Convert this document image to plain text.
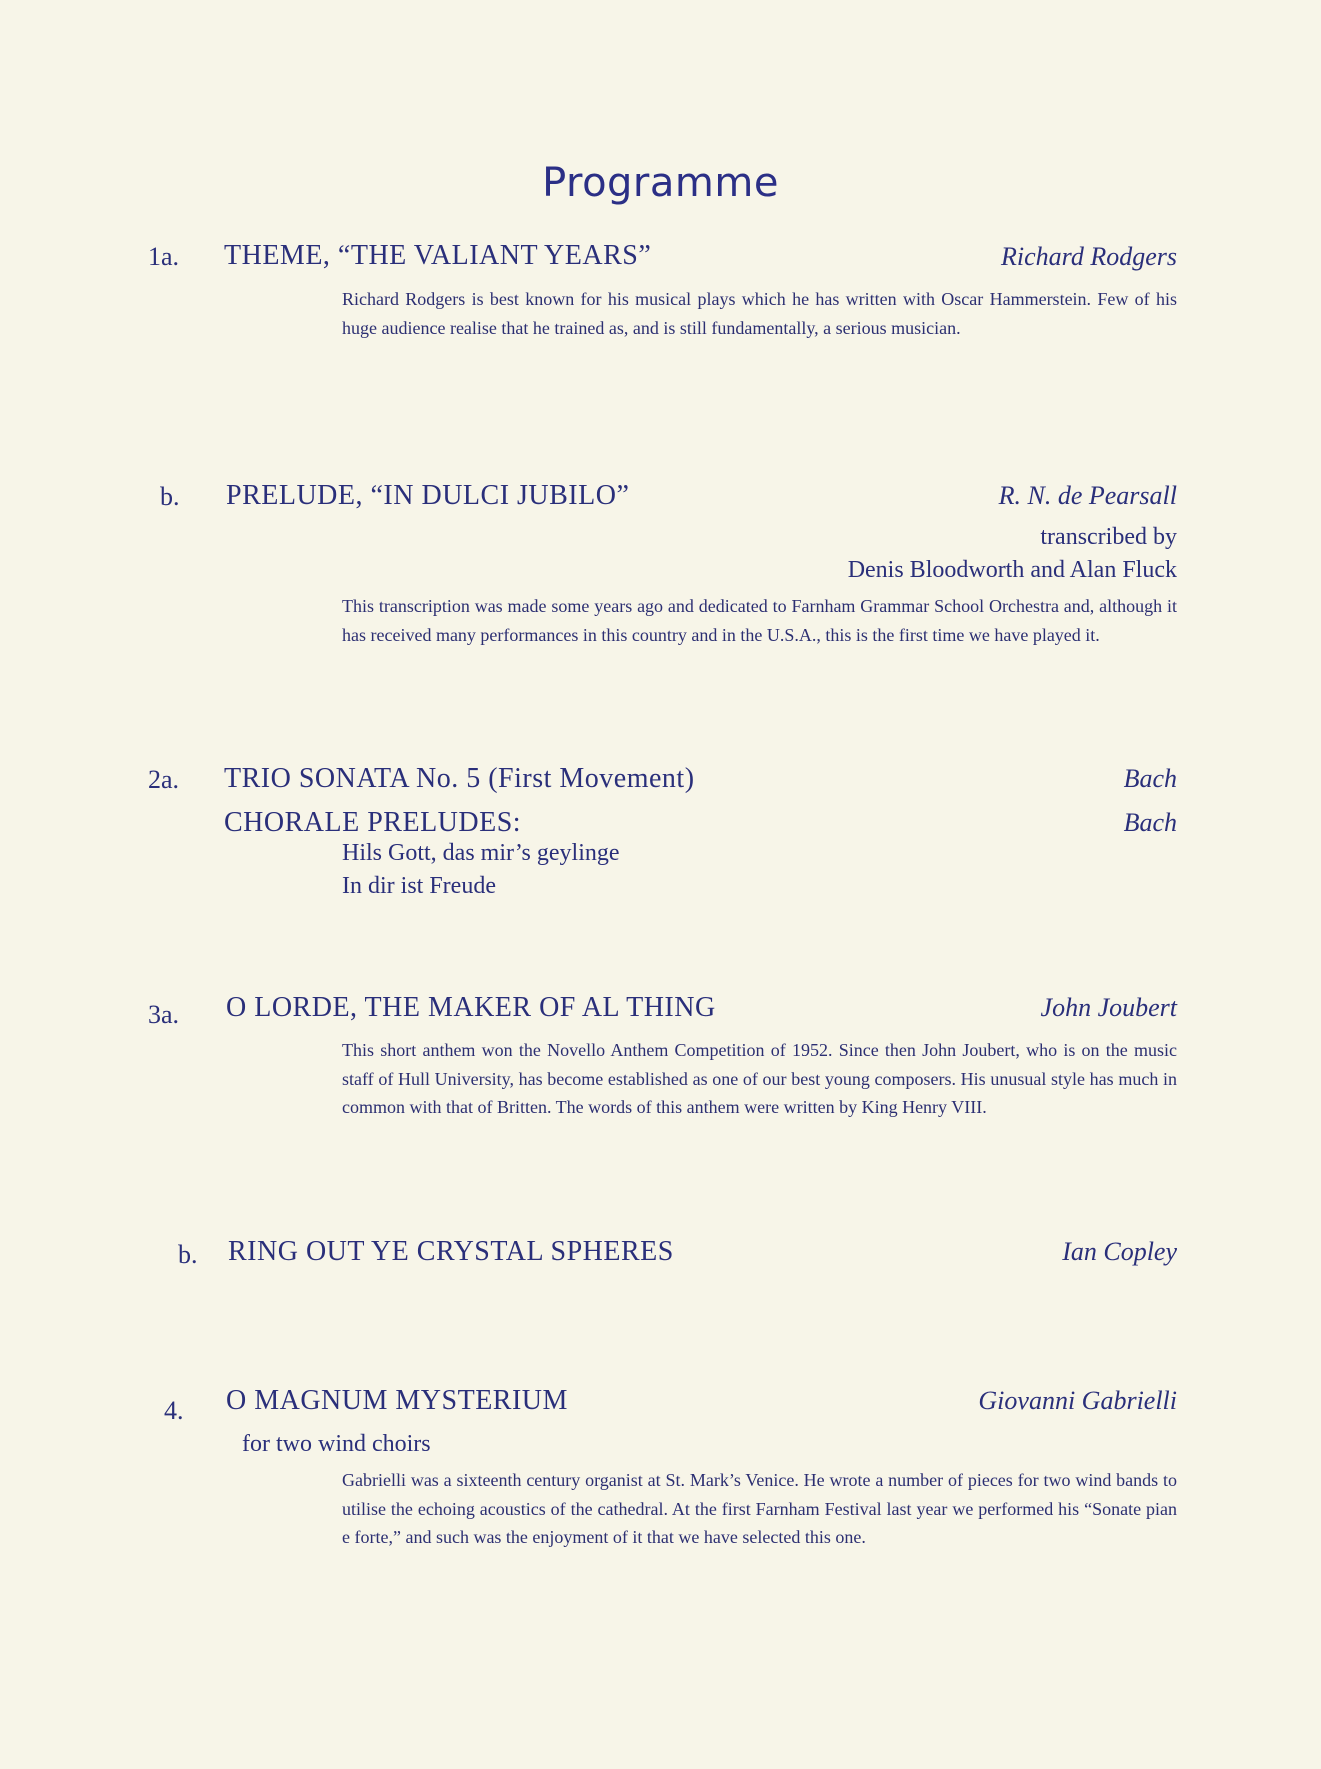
Programme
1a. THEME, “THE VALIANT YEARS”	Richard Rodgers
Richard Rodgers is best known for his musical plays which he has written with Oscar Hammerstein. Few of his huge audience realise that he trained as, and is still fundamentally, a serious musician.
b. PRELUDE, “IN DULCI JUBILO”	R. N. de Pearsall
transcribed by
Denis Bloodworth and Alan Fluck
This transcription was made some years ago and dedicated to Farnham Grammar School Orchestra and, although it has received many performances in this country and in the U.S.A., this is the first time we have played it.
2a. TRIO SONATA No. 5 (First Movement)	Bach
CHORALE PRELUDES:	Bach
Hils Gott, das mir’s geylinge
In dir ist Freude
3a. O LORDE, THE MAKER OF AL THING	John Joubert
This short anthem won the Novello Anthem Competition of 1952. Since then John Joubert, who is on the music staff of Hull University, has become established as one of our best young composers. His unusual style has much in common with that of Britten. The words of this anthem were written by King Henry VIII.
b. RING OUT YE CRYSTAL SPHERES	Ian Copley
4. O MAGNUM MYSTERIUM	Giovanni Gabrielli
for two wind choirs
Gabrielli was a sixteenth century organist at St. Mark’s Venice. He wrote a number of pieces for two wind bands to utilise the echoing acoustics of the cathedral. At the first Farnham Festival last year we performed his “Sonate pian e forte,” and such was the enjoyment of it that we have selected this one.
